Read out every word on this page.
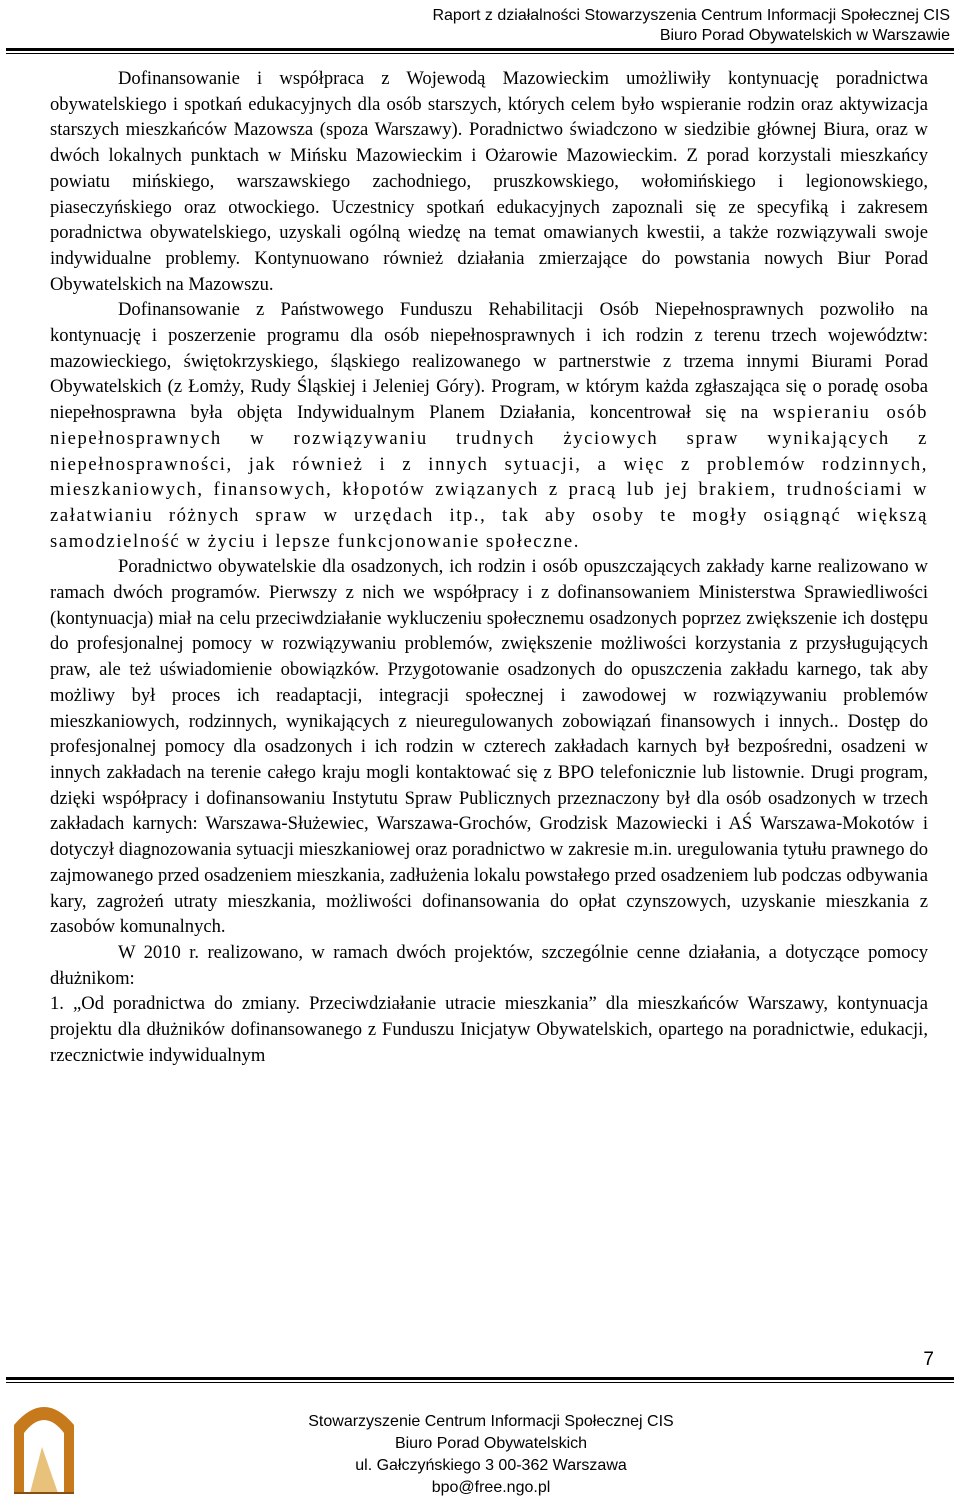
Raport z działalności Stowarzyszenia Centrum Informacji Społecznej CIS
Biuro Porad Obywatelskich w Warszawie

Dofinansowanie i współpraca z Wojewodą Mazowieckim umożliwiły kontynuację poradnictwa obywatelskiego i spotkań edukacyjnych dla osób starszych, których celem było wspieranie rodzin oraz aktywizacja starszych mieszkańców Mazowsza (spoza Warszawy). Poradnictwo świadczono w siedzibie głównej Biura, oraz w dwóch lokalnych punktach w Mińsku Mazowieckim i Ożarowie Mazowieckim. Z porad korzystali mieszkańcy powiatu mińskiego, warszawskiego zachodniego, pruszkowskiego, wołomińskiego i legionowskiego, piaseczyńskiego oraz otwockiego. Uczestnicy spotkań edukacyjnych zapoznali się ze specyfiką i zakresem poradnictwa obywatelskiego, uzyskali ogólną wiedzę na temat omawianych kwestii, a także rozwiązywali swoje indywidualne problemy. Kontynuowano również działania zmierzające do powstania nowych Biur Porad Obywatelskich na Mazowszu.

Dofinansowanie z Państwowego Funduszu Rehabilitacji Osób Niepełnosprawnych pozwoliło na kontynuację i poszerzenie programu dla osób niepełnosprawnych i ich rodzin z terenu trzech województw: mazowieckiego, świętokrzyskiego, śląskiego realizowanego w partnerstwie z trzema innymi Biurami Porad Obywatelskich (z Łomży, Rudy Śląskiej i Jeleniej Góry). Program, w którym każda zgłaszająca się o poradę osoba niepełnosprawna była objęta Indywidualnym Planem Działania, koncentrował się na wspieraniu osób niepełnosprawnych w rozwiązywaniu trudnych życiowych spraw wynikających z niepełnosprawności, jak również i z innych sytuacji, a więc z problemów rodzinnych, mieszkaniowych, finansowych, kłopotów związanych z pracą lub jej brakiem, trudnościami w załatwianiu różnych spraw w urzędach itp., tak aby osoby te mogły osiągnąć większą samodzielność w życiu i lepsze funkcjonowanie społeczne.

Poradnictwo obywatelskie dla osadzonych, ich rodzin i osób opuszczających zakłady karne realizowano w ramach dwóch programów. Pierwszy z nich we współpracy i z dofinansowaniem Ministerstwa Sprawiedliwości (kontynuacja) miał na celu przeciwdziałanie wykluczeniu społecznemu osadzonych poprzez zwiększenie ich dostępu do profesjonalnej pomocy w rozwiązywaniu problemów, zwiększenie możliwości korzystania z przysługujących praw, ale też uświadomienie obowiązków. Przygotowanie osadzonych do opuszczenia zakładu karnego, tak aby możliwy był proces ich readaptacji, integracji społecznej i zawodowej w rozwiązywaniu problemów mieszkaniowych, rodzinnych, wynikających z nieuregulowanych zobowiązań finansowych i innych.. Dostęp do profesjonalnej pomocy dla osadzonych i ich rodzin w czterech zakładach karnych był bezpośredni, osadzeni w innych zakładach na terenie całego kraju mogli kontaktować się z BPO telefonicznie lub listownie. Drugi program, dzięki współpracy i dofinansowaniu Instytutu Spraw Publicznych przeznaczony był dla osób osadzonych w trzech zakładach karnych: Warszawa-Służewiec, Warszawa-Grochów, Grodzisk Mazowiecki i AŚ Warszawa-Mokotów i dotyczył diagnozowania sytuacji mieszkaniowej oraz poradnictwo w zakresie m.in. uregulowania tytułu prawnego do zajmowanego przed osadzeniem mieszkania, zadłużenia lokalu powstałego przed osadzeniem lub podczas odbywania kary, zagrożeń utraty mieszkania, możliwości dofinansowania do opłat czynszowych, uzyskanie mieszkania z zasobów komunalnych.

W 2010 r. realizowano, w ramach dwóch projektów, szczególnie cenne działania, a dotyczące pomocy dłużnikom:

1. „Od poradnictwa do zmiany. Przeciwdziałanie utracie mieszkania” dla mieszkańców Warszawy, kontynuacja projektu dla dłużników dofinansowanego z Funduszu Inicjatyw Obywatelskich, opartego na poradnictwie, edukacji, rzecznictwie indywidualnym

7
Stowarzyszenie Centrum Informacji Społecznej CIS
Biuro Porad Obywatelskich
ul. Gałczyńskiego 3 00-362 Warszawa
bpo@free.ngo.pl
